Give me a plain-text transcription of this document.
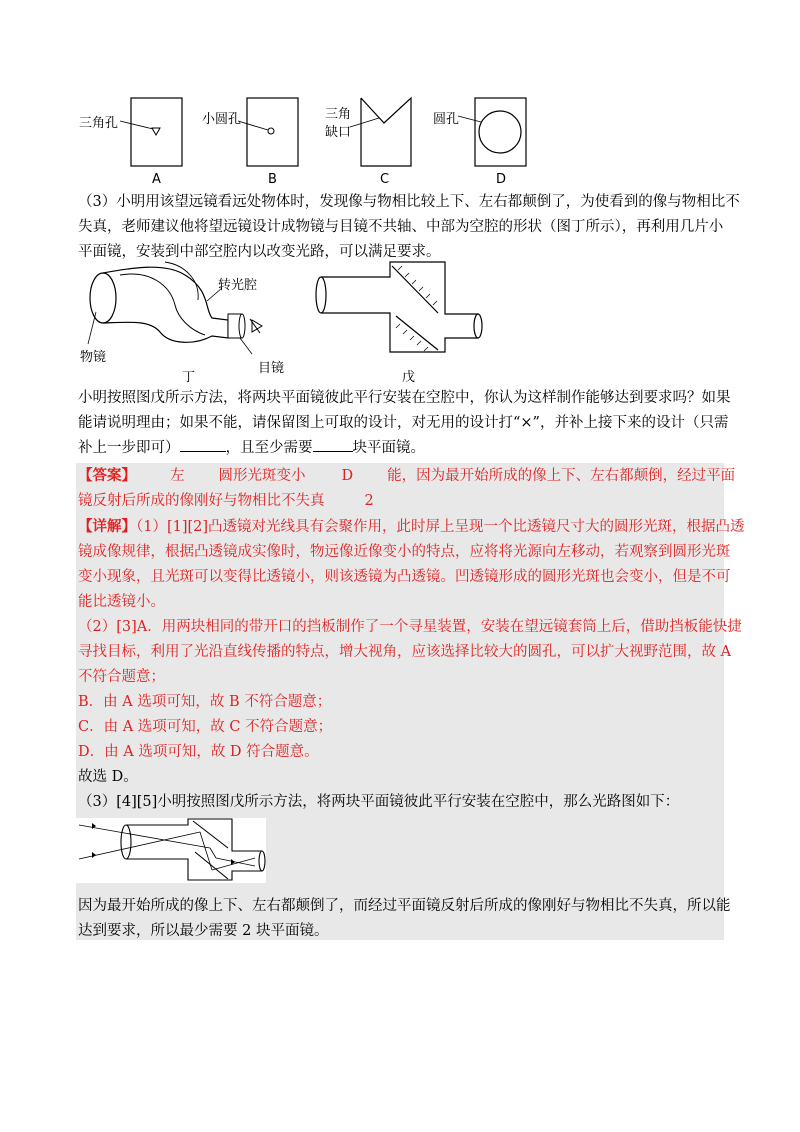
三角孔
A
小圆孔
B
三角
缺口
C
圆孔
D
（3）小明用该望远镜看远处物体时，发现像与物相比较上下、左右都颠倒了，为使看到的像与物相比不
失真，老师建议他将望远镜设计成物镜与目镜不共轴、中部为空腔的形状（图丁所示），再利用几片小
平面镜，安装到中部空腔内以改变光路，可以满足要求。
转光腔
物镜
目镜
丁	戊
小明按照图戊所示方法，将两块平面镜彼此平行安装在空腔中，你认为这样制作能够达到要求吗？如果
能请说明理由；如果不能，请保留图上可取的设计，对无用的设计打“×”，并补上接下来的设计（只需
补上一步即可）	，且至少需要	块平面镜。
【答案】 左 圆形光斑变小 D 能，因为最开始所成的像上下、左右都颠倒，经过平面
镜反射后所成的像刚好与物相比不失真	2
【详解】（1）[1][2]凸透镜对光线具有会聚作用，此时屏上呈现一个比透镜尺寸大的圆形光斑，根据凸透
镜成像规律，根据凸透镜成实像时，物远像近像变小的特点，应将将光源向左移动，若观察到圆形光斑
变小现象，且光斑可以变得比透镜小，则该透镜为凸透镜。凹透镜形成的圆形光斑也会变小，但是不可
能比透镜小。
（2）[3]A．用两块相同的带开口的挡板制作了一个寻星装置，安装在望远镜套筒上后，借助挡板能快捷
寻找目标，利用了光沿直线传播的特点，增大视角，应该选择比较大的圆孔，可以扩大视野范围，故 A
不符合题意；
B．由 A 选项可知，故 B 不符合题意；
C．由 A 选项可知，故 C 不符合题意；
D．由 A 选项可知，故 D 符合题意。
故选 D。
（3）[4][5]小明按照图戊所示方法，将两块平面镜彼此平行安装在空腔中，那么光路图如下：
因为最开始所成的像上下、左右都颠倒了，而经过平面镜反射后所成的像刚好与物相比不失真，所以能
达到要求，所以最少需要 2 块平面镜。
